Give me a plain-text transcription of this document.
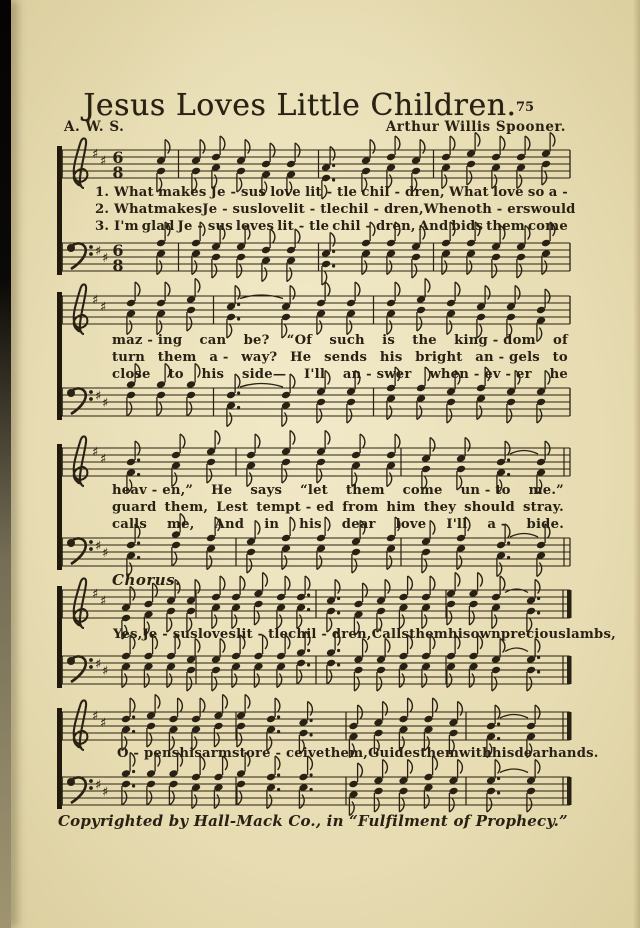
Jesus Loves Little Children. 75
A. W. S.	Arthur Willis Spooner.
♯ ♯ 6
8
♯ ♯ 6
8
1. What makes Je - sus love lit - tle chil - dren, What love so a -
2. What makes Je - sus love lit - tle chil - dren, When oth - ers would
3. I'm glad Je - sus loves lit - tle chil - dren, And bids them come
♯ ♯
♯ ♯
maz - ing can be? “Of such is the king - dom of
turn them a - way? He sends his bright an - gels to
close to his side— I'll an - swer when - ev - er he
♯ ♯
♯ ♯
heav - en,” He says “let them come un - to me.”
guard them, Lest tempt - ed from him they should stray.
calls me, And in his dear love I'll a - bide.
♯ ♯
♯ ♯
Yes, Je - sus loves lit - tle chil - dren, Calls them his own precious lambs,
♯ ♯
♯ ♯
O - pens his arms to re - ceive them, Guides them with his dear hands.
Chorus.
Copyrighted by Hall-Mack Co., in “Fulfilment of Prophecy.”
